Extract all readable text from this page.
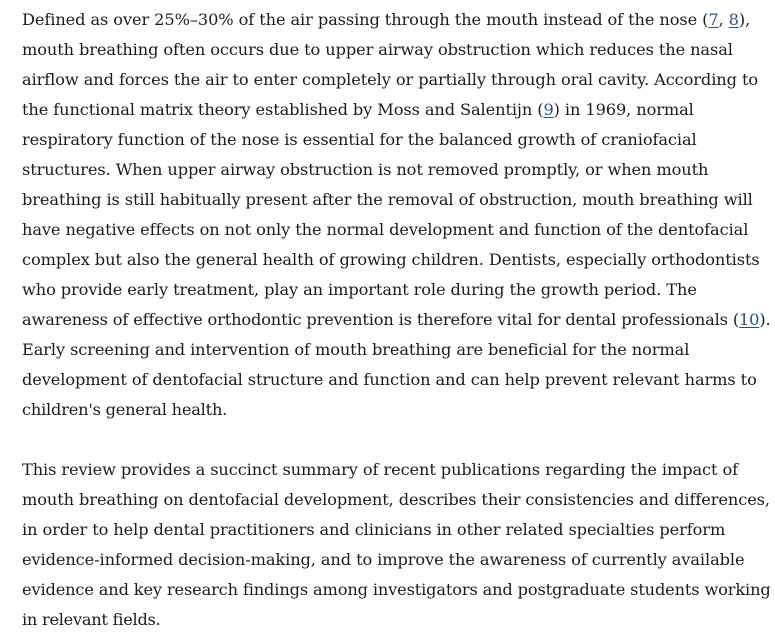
Defined as over 25%–30% of the air passing through the mouth instead of the nose (7, 8),
mouth breathing often occurs due to upper airway obstruction which reduces the nasal
airflow and forces the air to enter completely or partially through oral cavity. According to
the functional matrix theory established by Moss and Salentijn (9) in 1969, normal
respiratory function of the nose is essential for the balanced growth of craniofacial
structures. When upper airway obstruction is not removed promptly, or when mouth
breathing is still habitually present after the removal of obstruction, mouth breathing will
have negative effects on not only the normal development and function of the dentofacial
complex but also the general health of growing children. Dentists, especially orthodontists
who provide early treatment, play an important role during the growth period. The
awareness of effective orthodontic prevention is therefore vital for dental professionals (10).
Early screening and intervention of mouth breathing are beneficial for the normal
development of dentofacial structure and function and can help prevent relevant harms to
children's general health.

This review provides a succinct summary of recent publications regarding the impact of
mouth breathing on dentofacial development, describes their consistencies and differences,
in order to help dental practitioners and clinicians in other related specialties perform
evidence-informed decision-making, and to improve the awareness of currently available
evidence and key research findings among investigators and postgraduate students working
in relevant fields.
